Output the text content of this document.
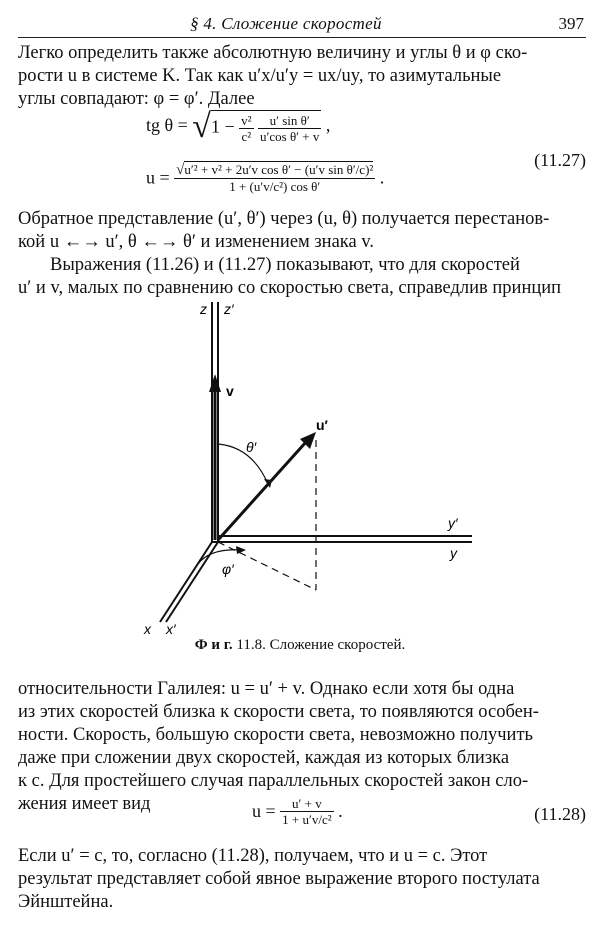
§ 4. Сложение скоростей	397
Легко определить также абсолютную величину и углы θ и φ ско-
рости u в системе K. Так как u′x/u′y = ux/uy, то азимутальные
углы совпадают: φ = φ′. Далее
tg $\theta = √1 - \frac{\text{v²}}{\text{c²}}$
$\frac{\text{u′ sin θ′}}{\text{u′cos θ′ + v}}$ ,
$u = \frac{\text{√u′² + v² + 2u′v cos θ′ − (u′v sin θ′/c)²}}{\text{1 + (u′v/c²) cos θ′}}$ .
(11.27)
Обратное представление (u′, θ′) через (u, θ) получается перестанов-
кой u ←→ u′, θ ←→ θ′ и изменением знака v.
Выражения (11.26) и (11.27) показывают, что для скоростей
u′ и v, малых по сравнению со скоростью света, справедлив принцип
z z′
v
u′
θ′
y′
y
φ′
x x′
Ф и г. 11.8. Сложение скоростей.
относительности Галилея: u = u′ + v. Однако если хотя бы одна
из этих скоростей близка к скорости света, то появляются особен-
ности. Скорость, большую скорости света, невозможно получить
даже при сложении двух скоростей, каждая из которых близка
к c. Для простейшего случая параллельных скоростей закон сло-
жения имеет вид	$u = \frac{u' + v}{\text{1 + u′v/c²}}$ .	(11.28)
Если u′ = c, то, согласно (11.28), получаем, что и u = c. Этот
результат представляет собой явное выражение второго постулата
Эйнштейна.
